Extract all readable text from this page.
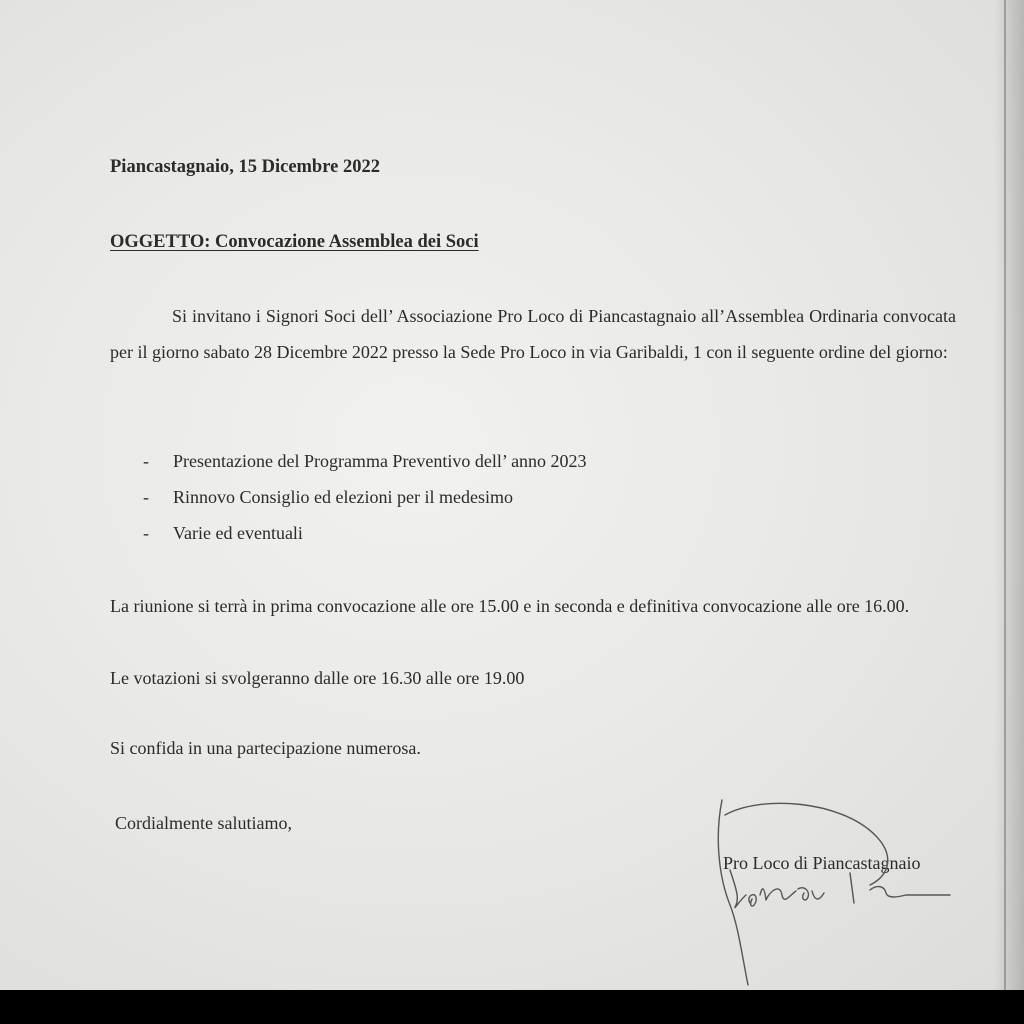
Piancastagnaio, 15 Dicembre 2022
OGGETTO: Convocazione Assemblea dei Soci
Si invitano i Signori Soci dell’ Associazione Pro Loco di Piancastagnaio all’Assemblea Ordinaria convocata per il giorno sabato 28 Dicembre 2022 presso la Sede Pro Loco in via Garibaldi, 1 con il seguente ordine del giorno:
- Presentazione del Programma Preventivo dell’ anno 2023
- Rinnovo Consiglio ed elezioni per il medesimo
- Varie ed eventuali
La riunione si terrà in prima convocazione alle ore 15.00 e in seconda e definitiva convocazione alle ore 16.00.
Le votazioni si svolgeranno dalle ore 16.30 alle ore 19.00
Si confida in una partecipazione numerosa.
Cordialmente salutiamo,
Pro Loco di Piancastagnaio
